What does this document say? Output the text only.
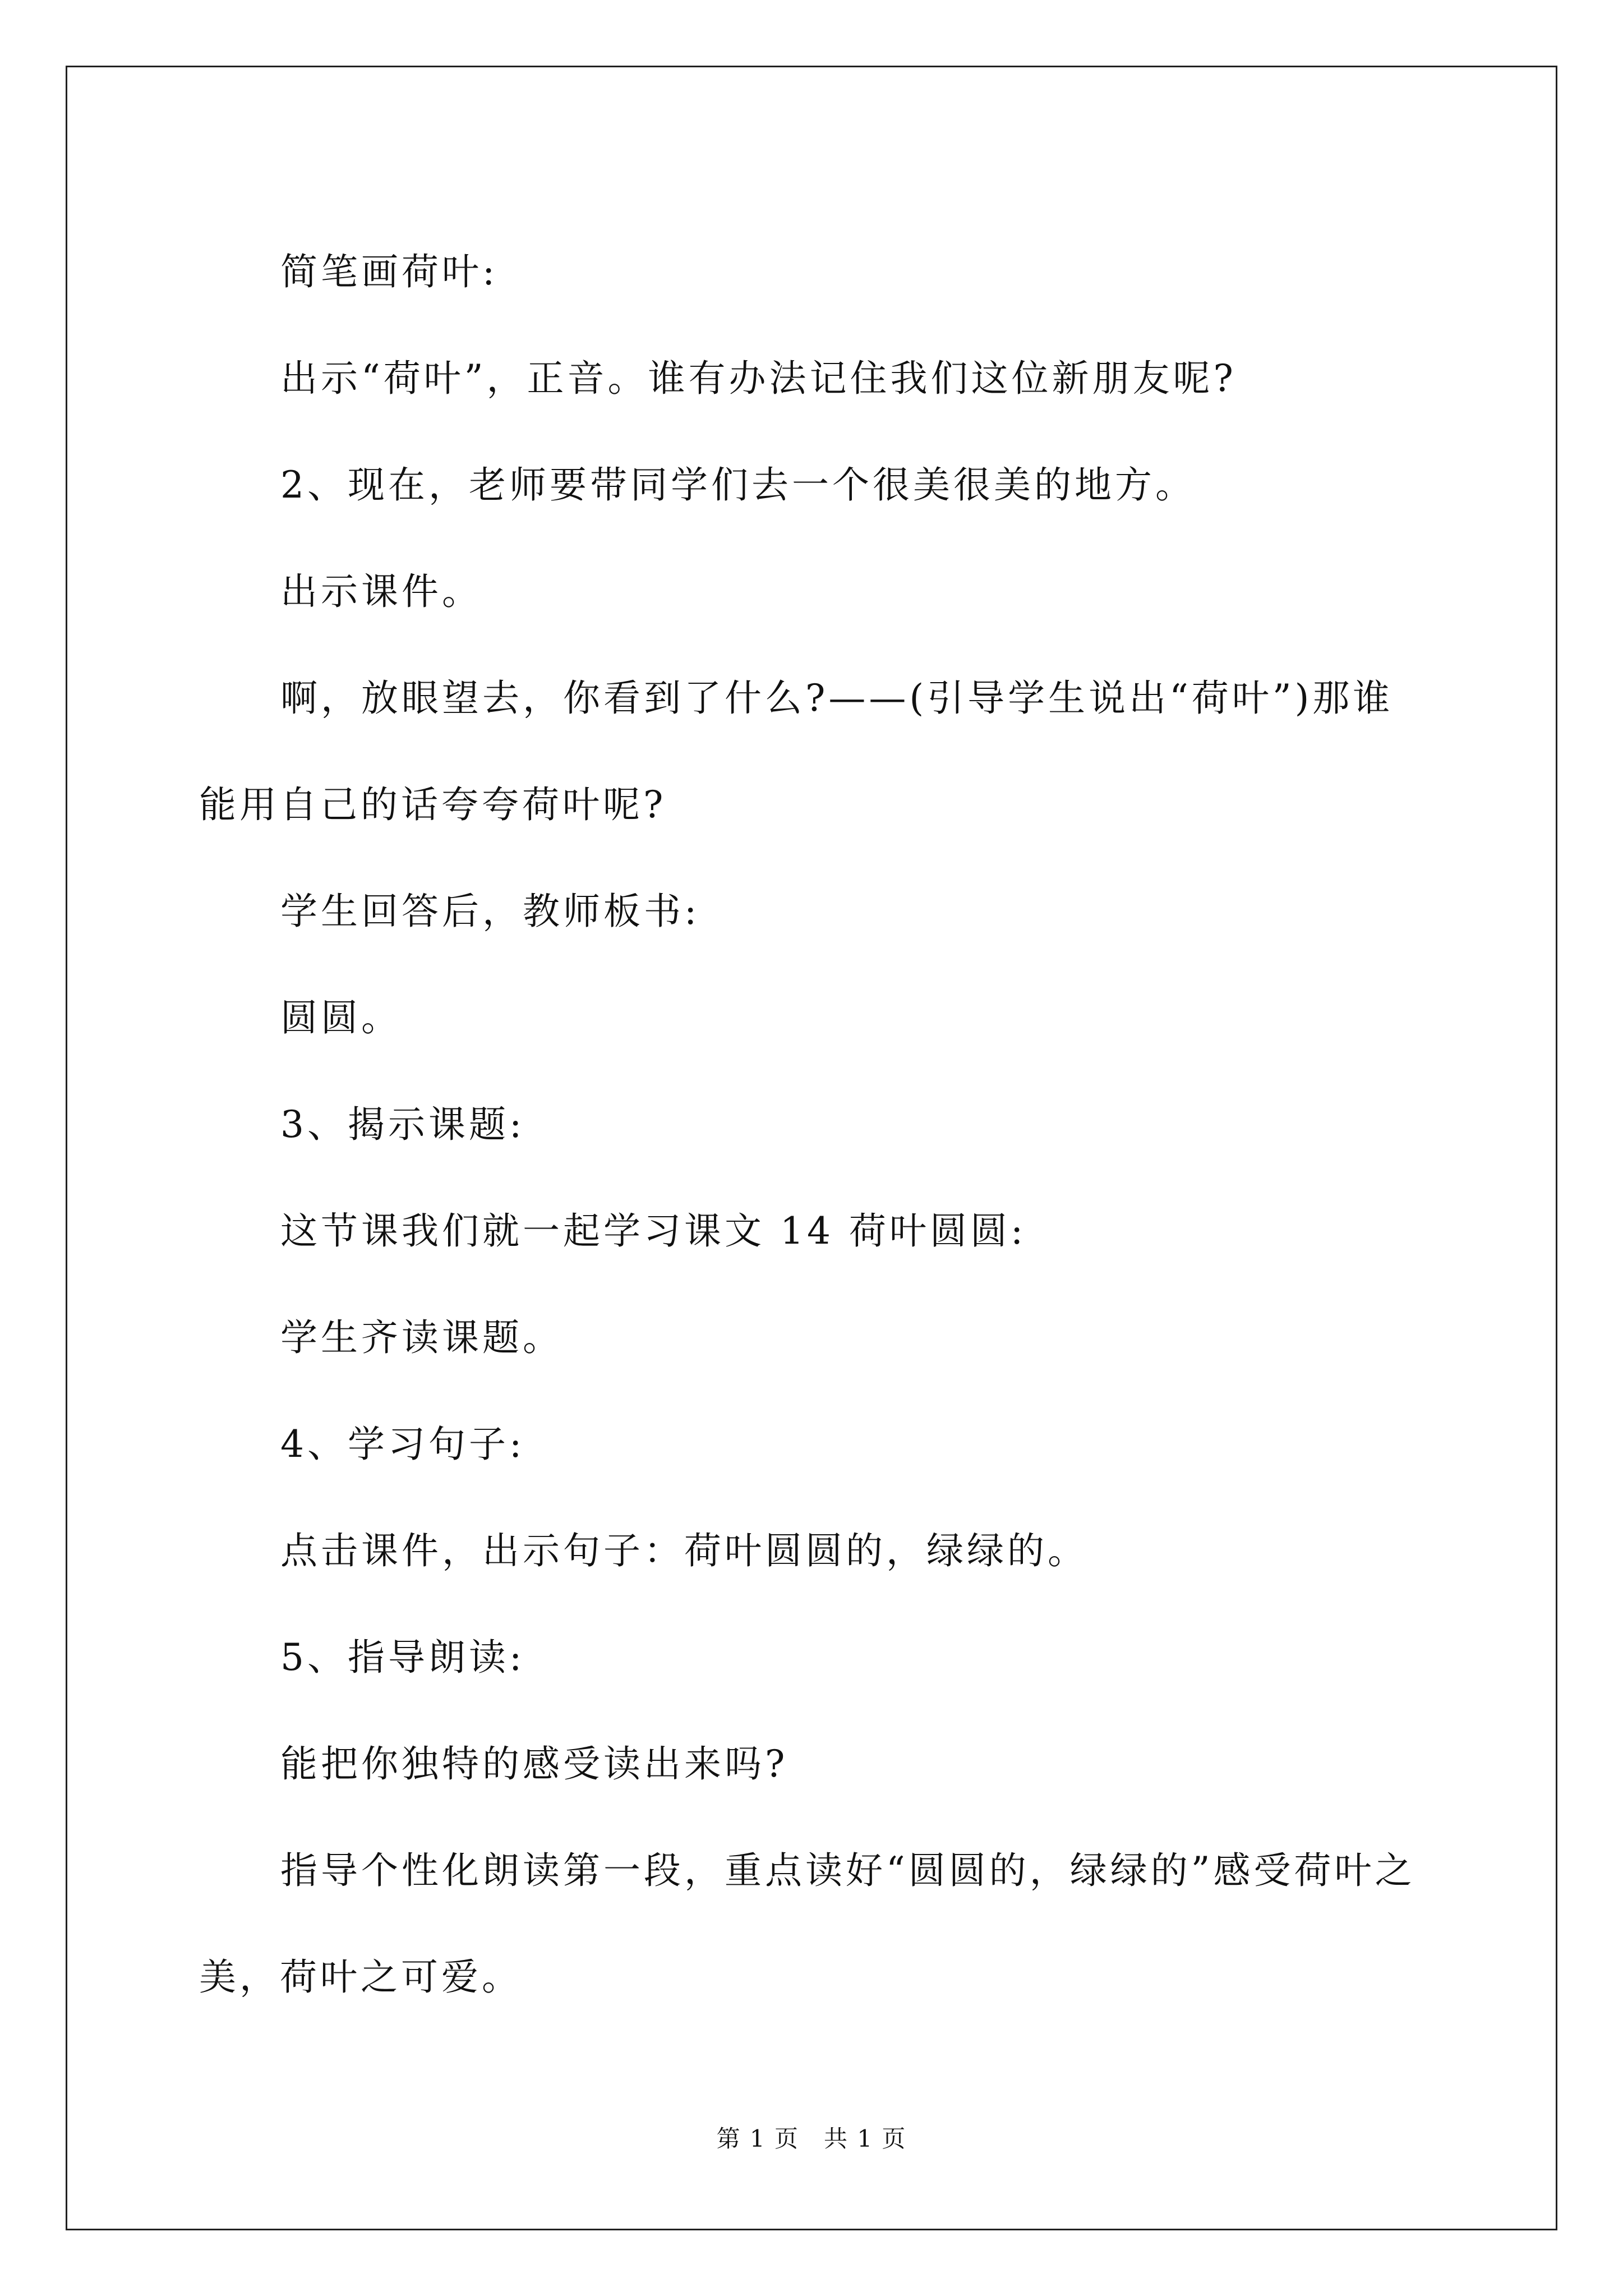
简笔画荷叶:

出示“荷叶”，正音。谁有办法记住我们这位新朋友呢?

2、现在，老师要带同学们去一个很美很美的地方。

出示课件。

啊，放眼望去，你看到了什么?——(引导学生说出“荷叶”)那谁能用自己的话夸夸荷叶呢?

学生回答后，教师板书:

圆圆。

3、揭示课题:

这节课我们就一起学习课文 14 荷叶圆圆:

学生齐读课题。

4、学习句子:

点击课件，出示句子：荷叶圆圆的，绿绿的。

5、指导朗读:

能把你独特的感受读出来吗?

指导个性化朗读第一段，重点读好“圆圆的，绿绿的”感受荷叶之美，荷叶之可爱。

第 1 页　共 1 页
